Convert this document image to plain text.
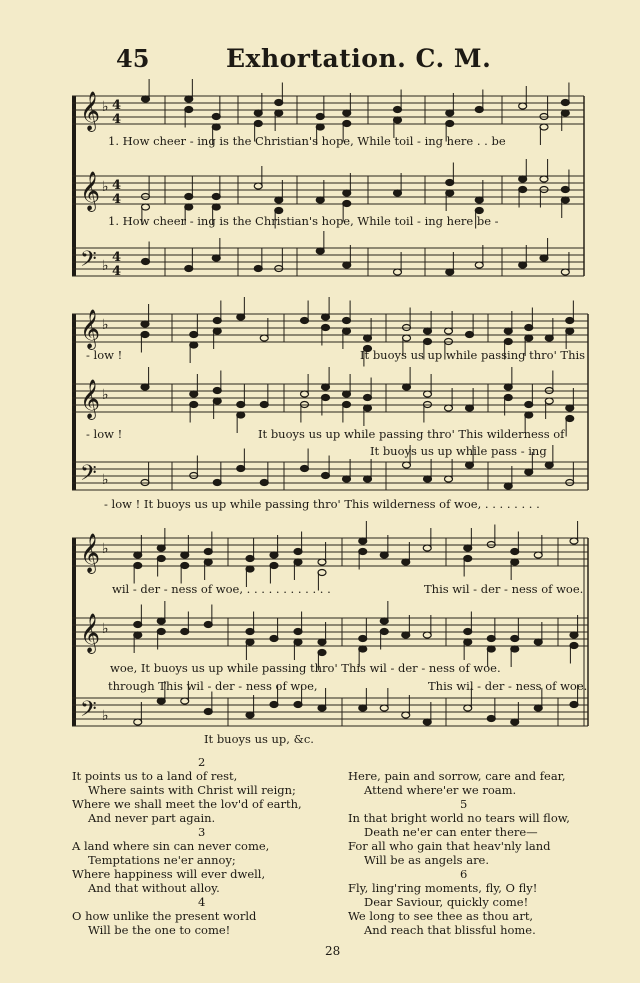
45	Exhortation. C. M.
𝄞 ♭ 4
4
𝄞 ♭ 4
4
𝄢 ♭
4
4
𝄞 ♭
𝄞 ♭
𝄢 ♭
𝄞 ♭
𝄞 ♭
𝄢 ♭
1. How cheer - ing is the Christian's hope, While toil - ing here . . be
1. How cheer - ing is the Christian's hope, While toil - ing here be -
- low !	It buoys us up while passing thro' This
- low !	It buoys us up while passing thro' This wilderness of
It buoys us up while pass - ing
- low ! It buoys us up while passing thro' This wilderness of woe, . . . . . . . .
wil - der - ness of woe, . . . . . . . . . . . .	This wil - der - ness of woe.
woe, It buoys us up while passing thro' This wil - der - ness of woe.
through This wil - der - ness of woe,	This wil - der - ness of woe.
It buoys us up, &c.
2
It points us to a land of rest,
Where saints with Christ will reign;
Where we shall meet the lov'd of earth,
And never part again.
3
A land where sin can never come,
Temptations ne'er annoy;
Where happiness will ever dwell,
And that without alloy.
4
O how unlike the present world
Will be the one to come!
Here, pain and sorrow, care and fear,
Attend where'er we roam.
5
In that bright world no tears will flow,
Death ne'er can enter there—
For all who gain that heav'nly land
Will be as angels are.
6
Fly, ling'ring moments, fly, O fly!
Dear Saviour, quickly come!
We long to see thee as thou art,
And reach that blissful home.
28
